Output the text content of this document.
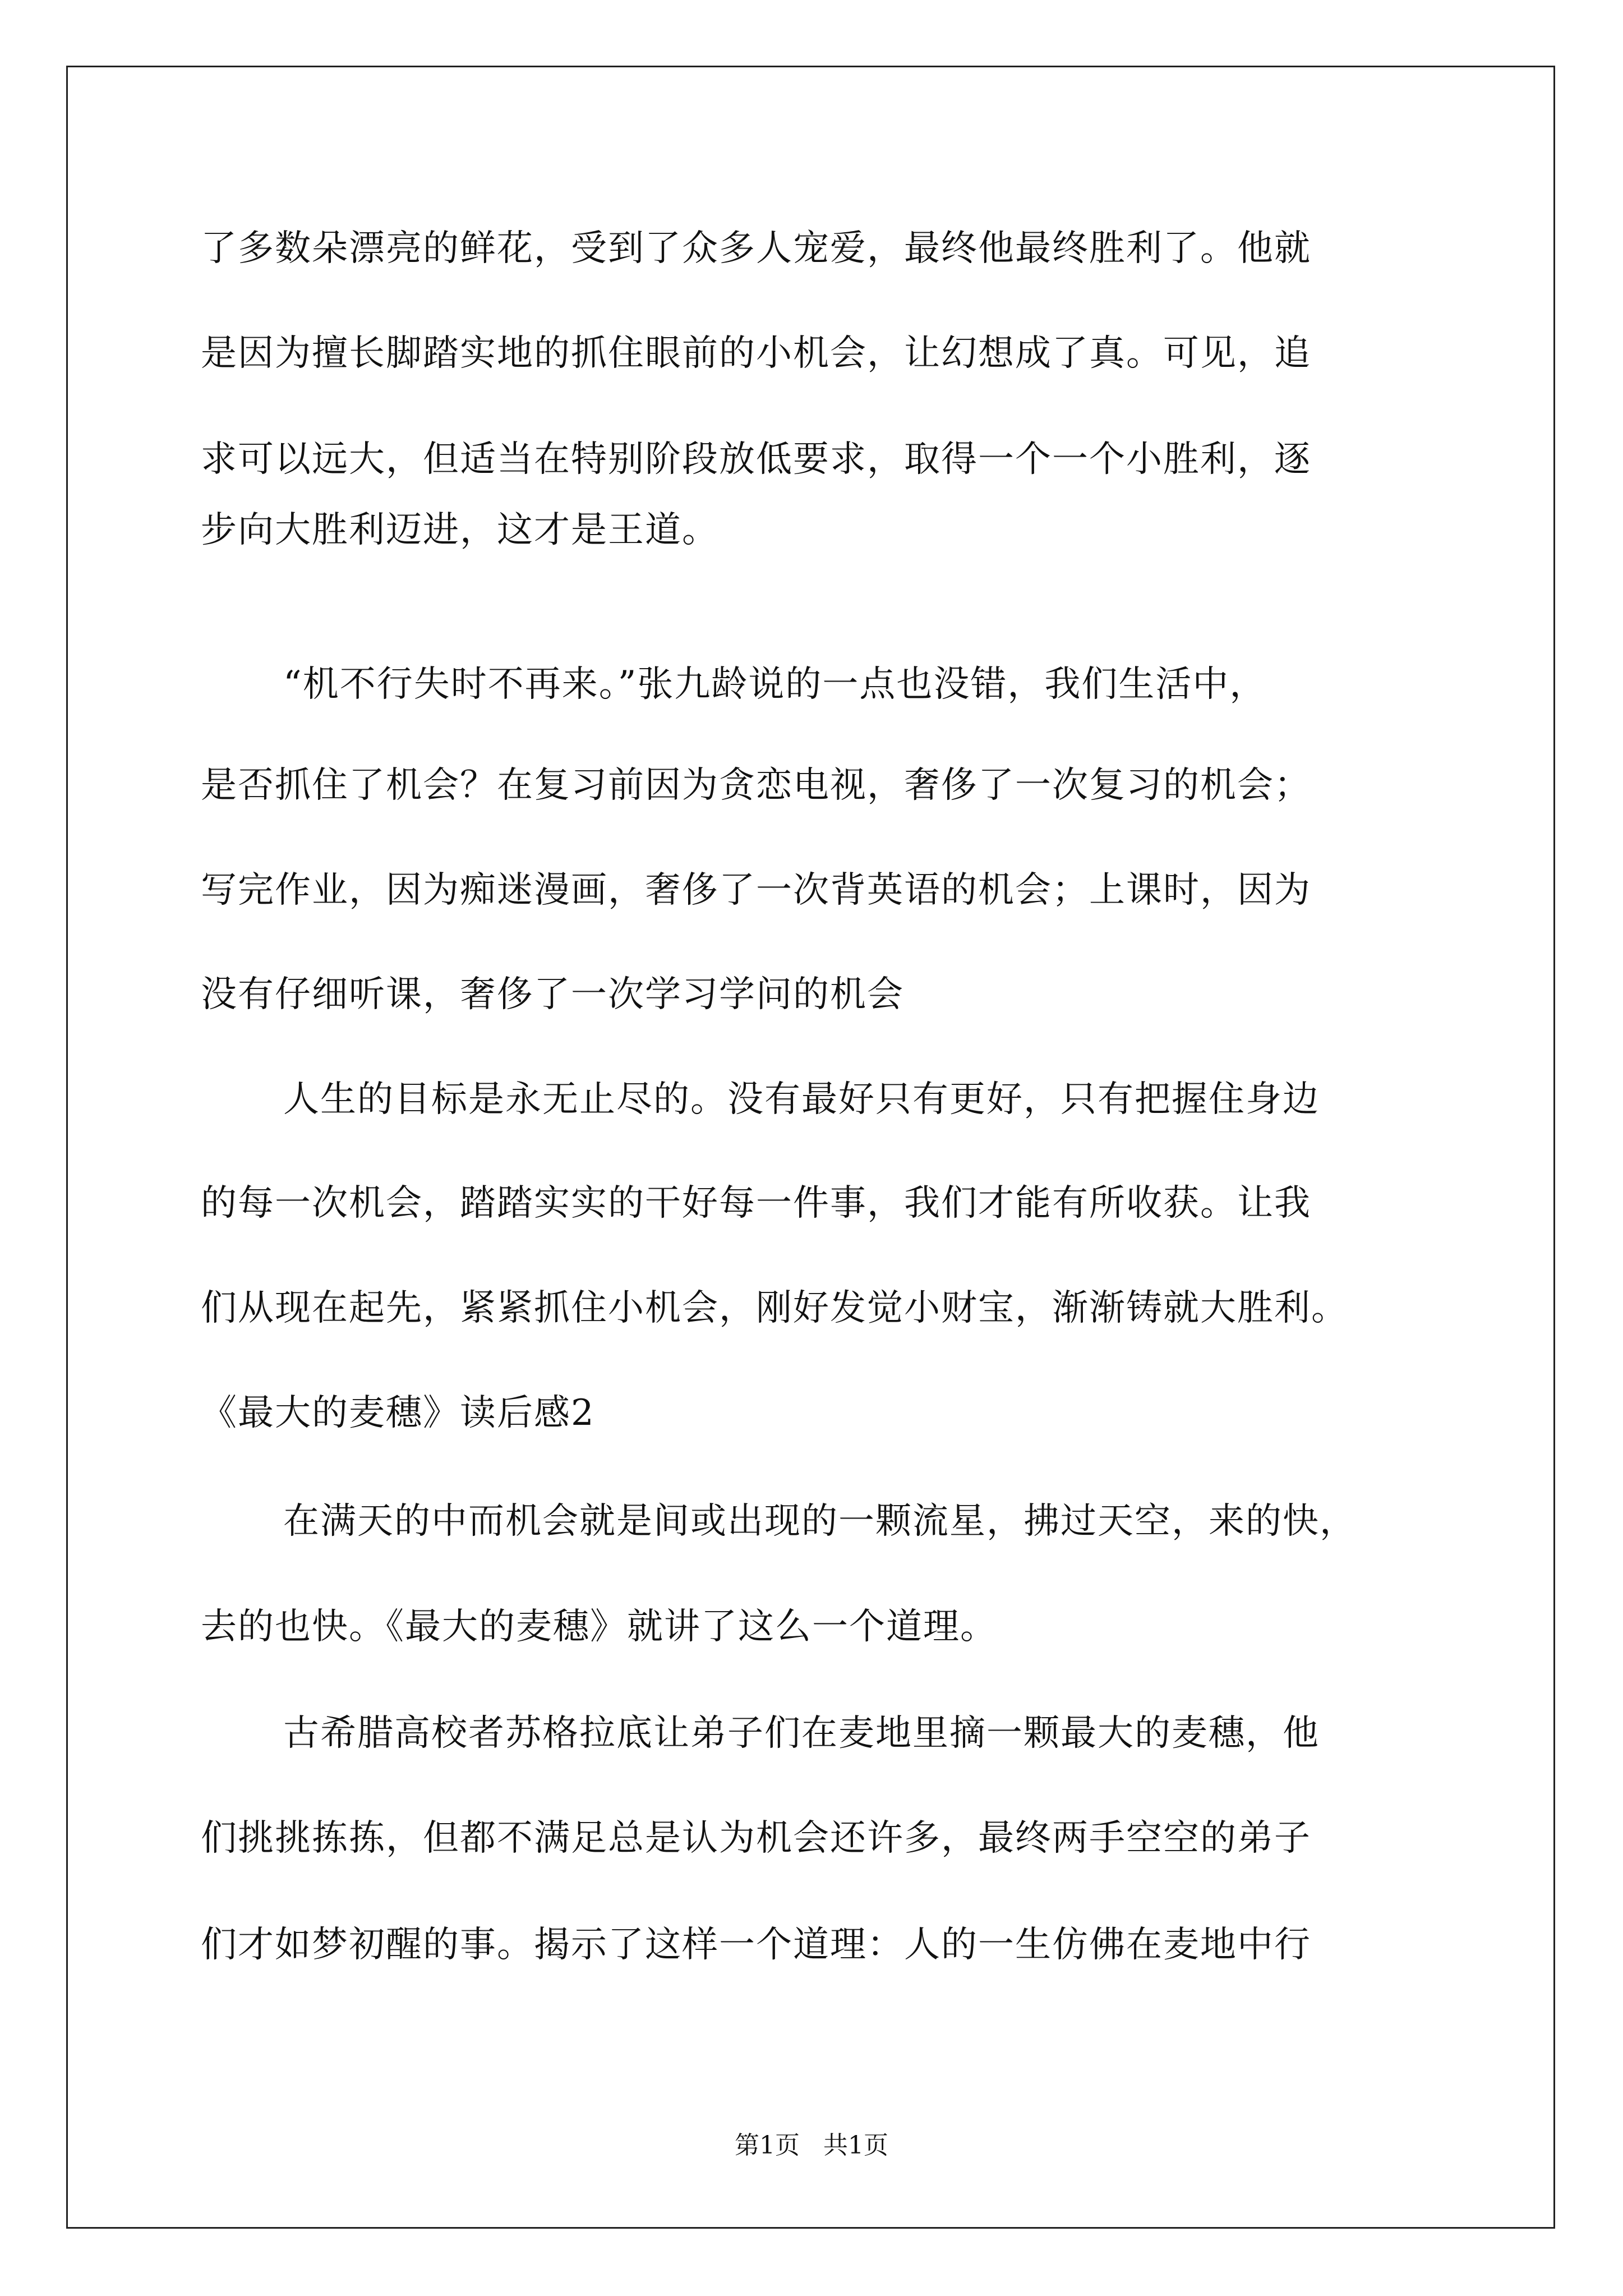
了多数朵漂亮的鲜花，受到了众多人宠爱，最终他最终胜利了。他就
是因为擅长脚踏实地的抓住眼前的小机会，让幻想成了真。可见，追
求可以远大，但适当在特别阶段放低要求，取得一个一个小胜利，逐
步向大胜利迈进，这才是王道。
“机不行失时不再来。”张九龄说的一点也没错，我们生活中，
是否抓住了机会？在复习前因为贪恋电视，奢侈了一次复习的机会；
写完作业，因为痴迷漫画，奢侈了一次背英语的机会；上课时，因为
没有仔细听课，奢侈了一次学习学问的机会
人生的目标是永无止尽的。没有最好只有更好，只有把握住身边
的每一次机会，踏踏实实的干好每一件事，我们才能有所收获。让我
们从现在起先，紧紧抓住小机会，刚好发觉小财宝，渐渐铸就大胜利。
《最大的麦穗》读后感2
在满天的中而机会就是间或出现的一颗流星，拂过天空，来的快，
去的也快。《最大的麦穗》就讲了这么一个道理。
古希腊高校者苏格拉底让弟子们在麦地里摘一颗最大的麦穗，他
们挑挑拣拣，但都不满足总是认为机会还许多，最终两手空空的弟子
们才如梦初醒的事。揭示了这样一个道理：人的一生仿佛在麦地中行
第1页   共1页
